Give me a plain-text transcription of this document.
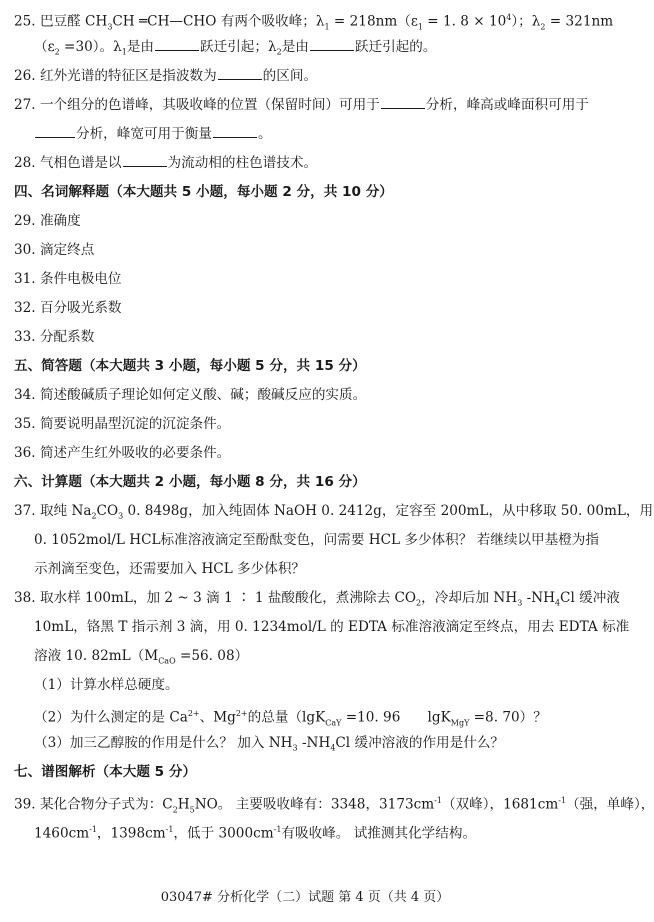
25. 巴豆醛 $CH_3CH$ ═CH—CHO 有两个吸收峰；$\lambda_1 = 218nm(\varepsilon_1 = 1$. $8 \times 10^4$）；$\lambda_2 = 321nm$
$(\varepsilon_2 =30)$。$\lambda_1$是由	跃迁引起；$\lambda_2$是由	跃迁引起的。
26. 红外光谱的特征区是指波数为	的区间。
27. 一个组分的色谱峰，其吸收峰的位置（保留时间）可用于	分析，峰高或峰面积可用于
分析，峰宽可用于衡量	。
28. 气相色谱是以	为流动相的柱色谱技术。
四、名词解释题（本大题共 5 小题，每小题 2 分，共 10 分）
29. 准确度
30. 滴定终点
31. 条件电极电位
32. 百分吸光系数
33. 分配系数
五、简答题（本大题共 3 小题，每小题 5 分，共 15 分）
34. 简述酸碱质子理论如何定义酸、碱；酸碱反应的实质。
35. 简要说明晶型沉淀的沉淀条件。
36. 简述产生红外吸收的必要条件。
六、计算题（本大题共 2 小题，每小题 8 分，共 16 分）
37. 取纯 $Na_2CO_3$ 0. 8498g，加入纯固体 NaOH 0. 2412g，定容至 200mL，从中移取 50. 00mL，用
0. 1052mol/L HCL标准溶液滴定至酚酞变色，问需要 HCL 多少体积？ 若继续以甲基橙为指
示剂滴至变色，还需要加入 HCL 多少体积？
38. 取水样 100mL，加 2 ~ 3 滴 1 ∶ 1 盐酸酸化，煮沸除去 $CO_2$，冷却后加 $NH_3$ $-NH_4Cl$ 缓冲液
10mL，铬黑 T 指示剂 3 滴，用 0. 1234mol/L 的 EDTA 标准溶液滴定至终点，用去 EDTA 标准
溶液 10. $82mL(M_{CaO} =56$. 08）
（1）计算水样总硬度。
（2）为什么测定的是 $Ca^{2+}$、$Mg^{2+}$的总量（lgK$_{CaY}$ =10. 96　　lgK$_{MgY}$ =8. 70）？
（3）加三乙醇胺的作用是什么？ 加入 $NH_3$ $-NH_4Cl$ 缓冲溶液的作用是什么？
七、谱图解析（本大题 5 分）
39. 某化合物分子式为：$C_2H_5NO$。 主要吸收峰有：3348，$3173cm^{-1}$（双峰），$1681cm^{-1}$（强，单峰），
$1460cm^{-1}$，$1398cm^{-1}$，低于 $3000cm^{-1}$有吸收峰。 试推测其化学结构。
03047# 分析化学（二）试题 第 4 页（共 4 页）
